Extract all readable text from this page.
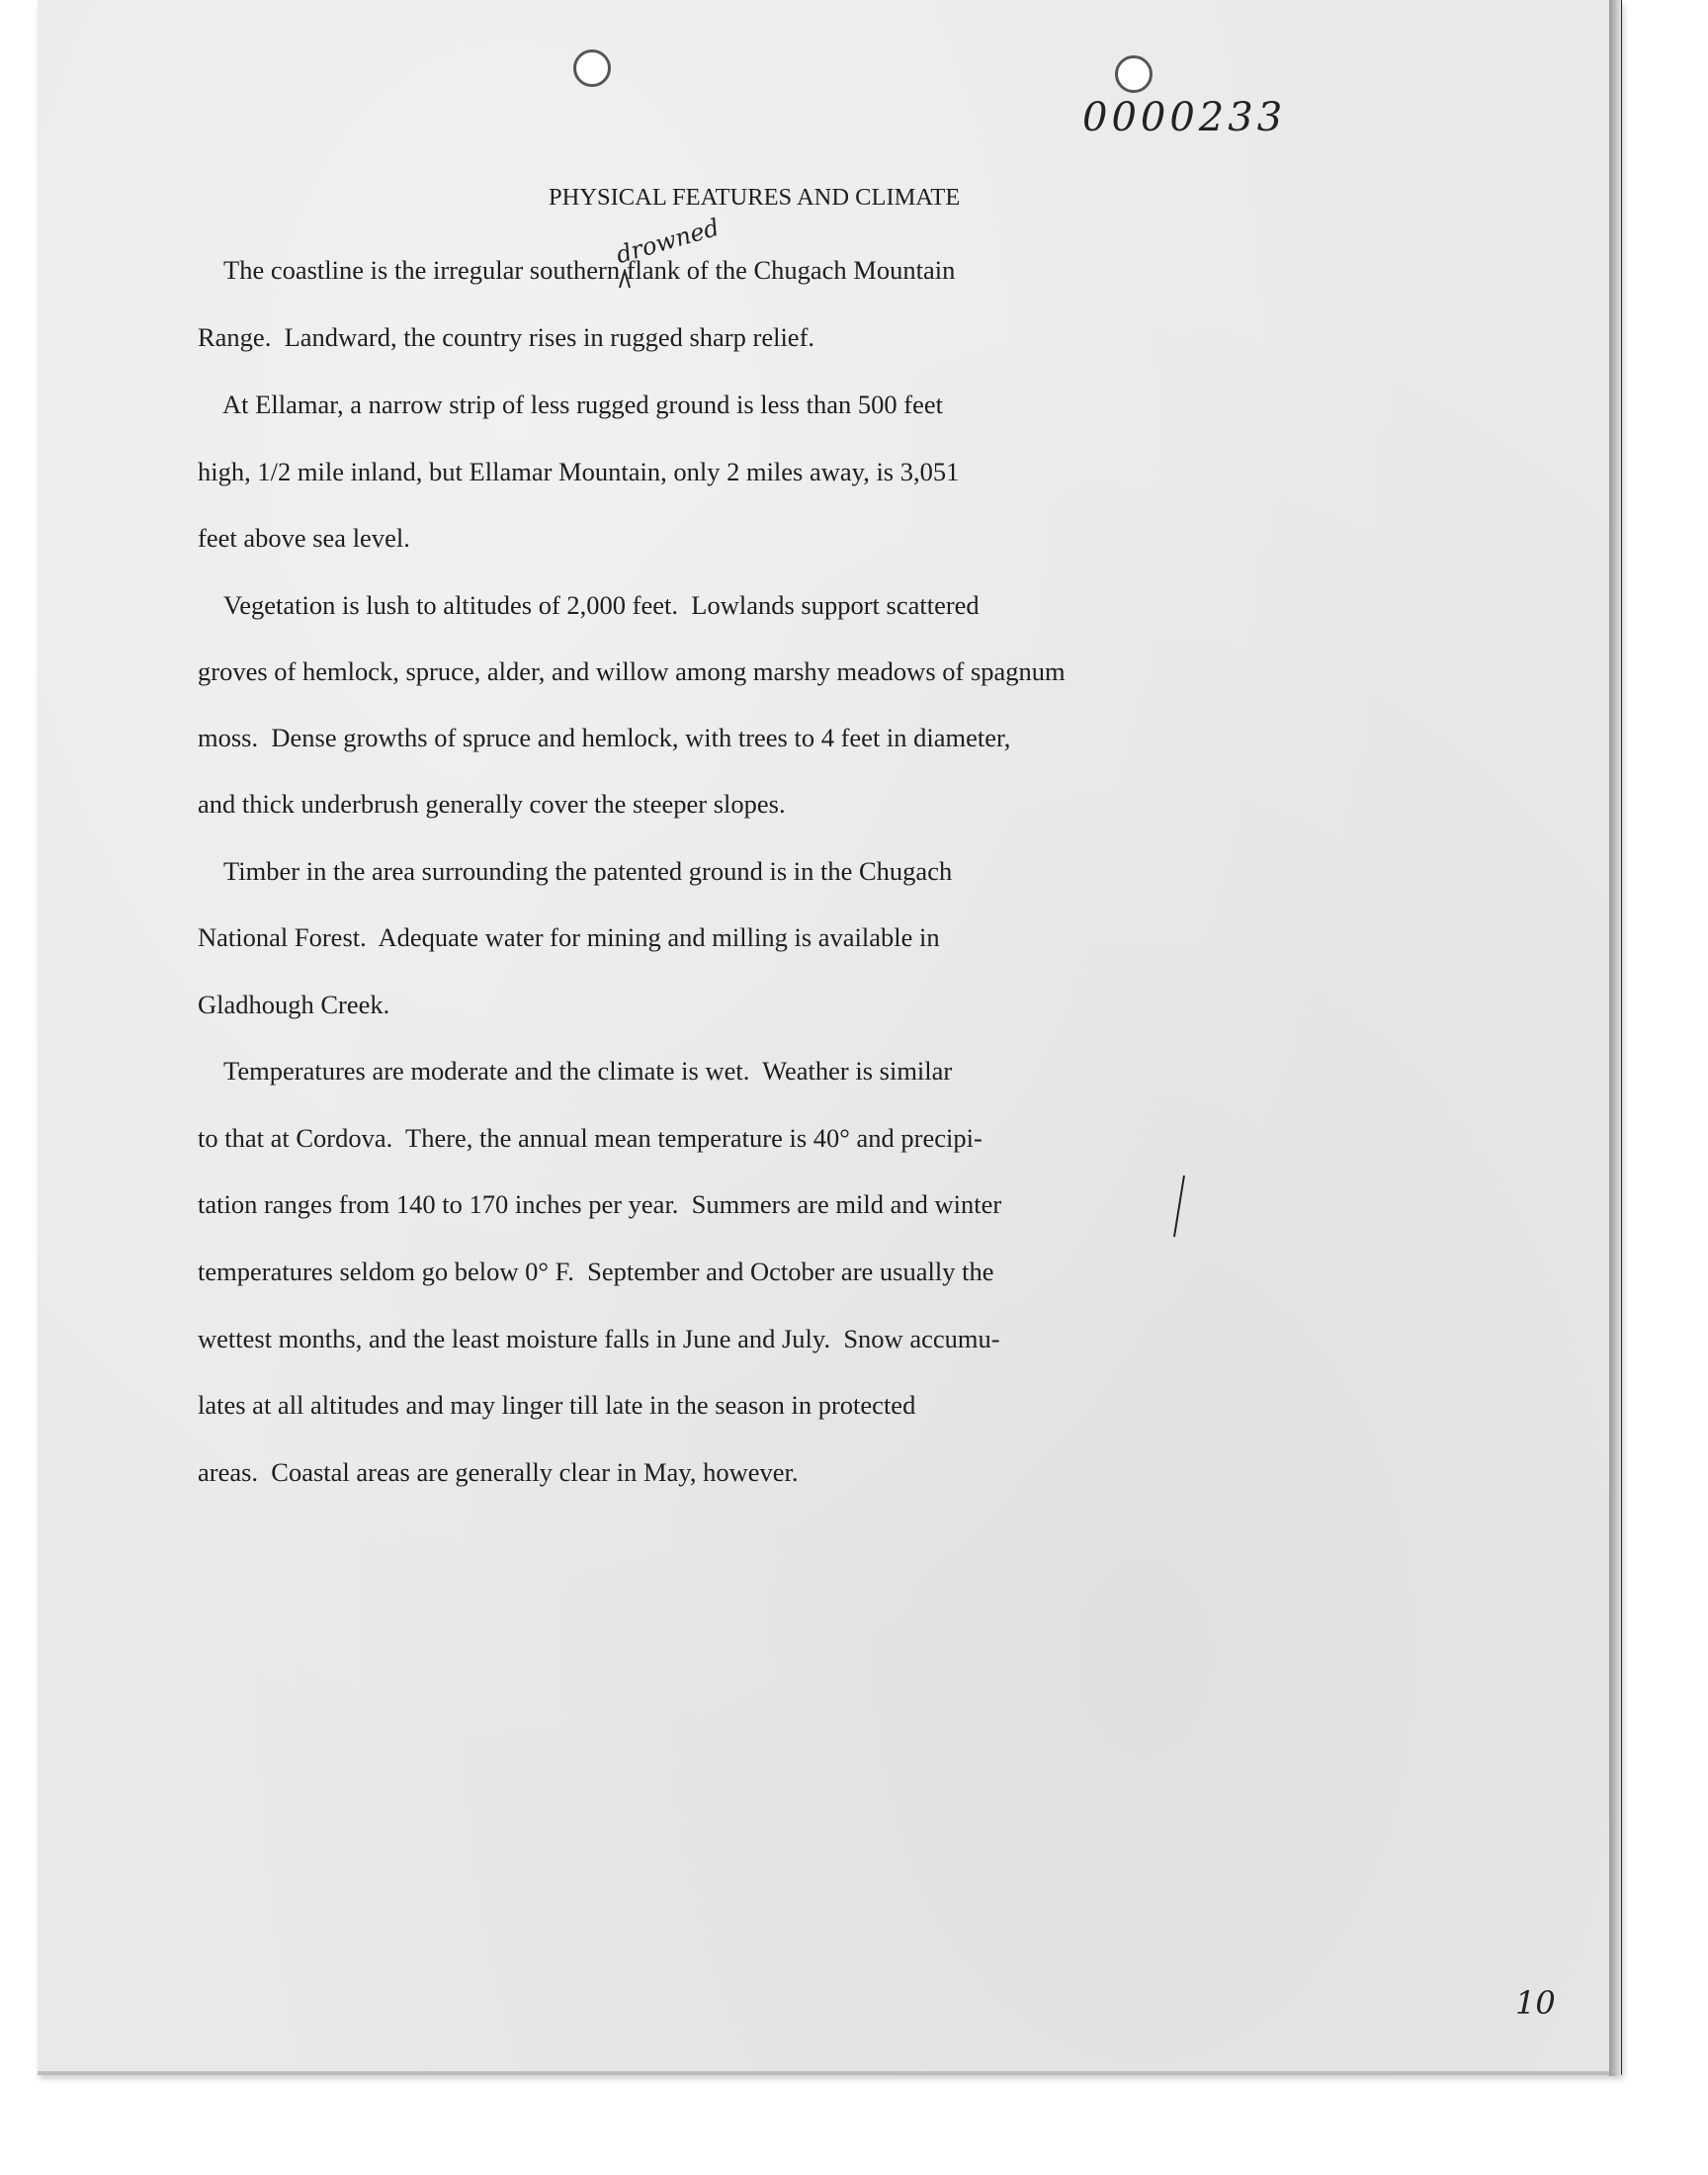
0000233
PHYSICAL FEATURES AND CLIMATE
drowned
The coastline is the irregular southern flank of the Chugach Mountain
Range.  Landward, the country rises in rugged sharp relief.
At Ellamar, a narrow strip of less rugged ground is less than 500 feet
high, 1/2 mile inland, but Ellamar Mountain, only 2 miles away, is 3,051
feet above sea level.
Vegetation is lush to altitudes of 2,000 feet.  Lowlands support scattered
groves of hemlock, spruce, alder, and willow among marshy meadows of spagnum
moss.  Dense growths of spruce and hemlock, with trees to 4 feet in diameter,
and thick underbrush generally cover the steeper slopes.
Timber in the area surrounding the patented ground is in the Chugach
National Forest.  Adequate water for mining and milling is available in
Gladhough Creek.
Temperatures are moderate and the climate is wet.  Weather is similar
to that at Cordova.  There, the annual mean temperature is 40° and precipi-
tation ranges from 140 to 170 inches per year.  Summers are mild and winter
temperatures seldom go below 0° F.  September and October are usually the
wettest months, and the least moisture falls in June and July.  Snow accumu-
lates at all altitudes and may linger till late in the season in protected
areas.  Coastal areas are generally clear in May, however.
10
